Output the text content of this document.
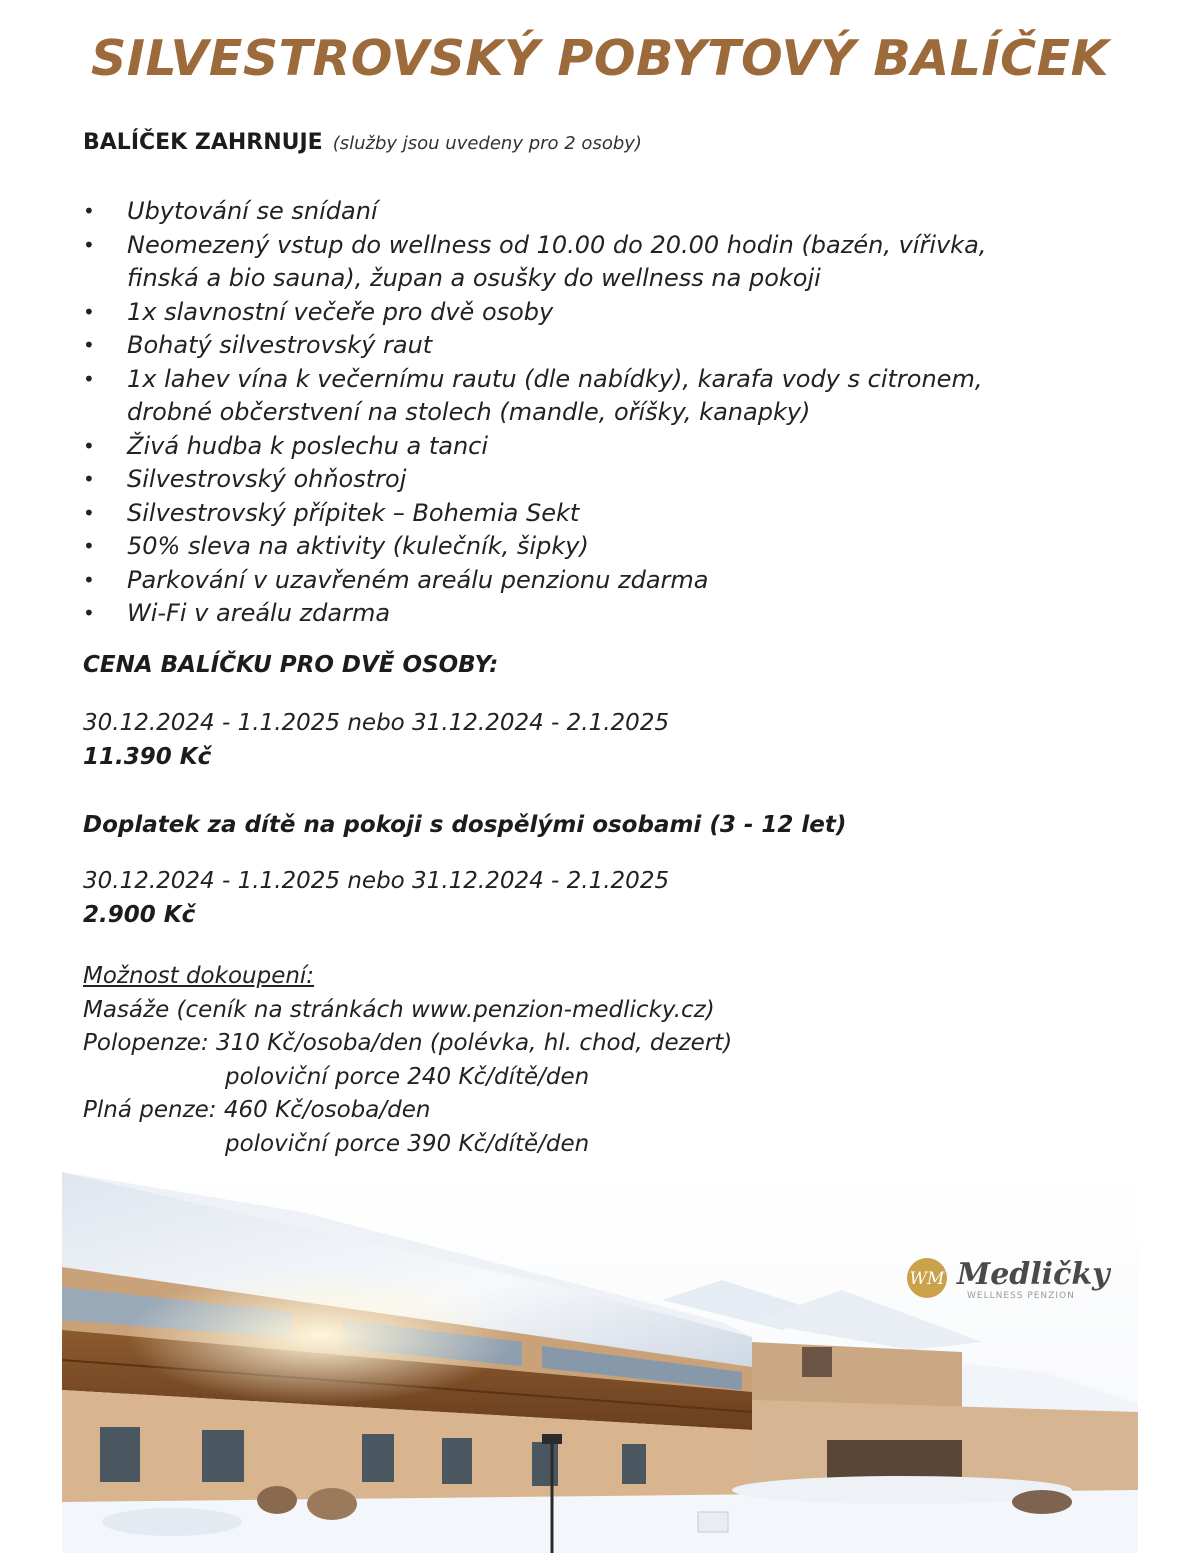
SILVESTROVSKÝ POBYTOVÝ BALÍČEK
BALÍČEK ZAHRNUJE (služby jsou uvedeny pro 2 osoby)
• Ubytování se snídaní
• Neomezený vstup do wellness od 10.00 do 20.00 hodin (bazén, vířivka, finská a bio sauna), župan a osušky do wellness na pokoji
• 1x slavnostní večeře pro dvě osoby
• Bohatý silvestrovský raut
• 1x lahev vína k večernímu rautu (dle nabídky), karafa vody s citronem, drobné občerstvení na stolech (mandle, oříšky, kanapky)
• Živá hudba k poslechu a tanci
• Silvestrovský ohňostroj
• Silvestrovský přípitek – Bohemia Sekt
• 50% sleva na aktivity (kulečník, šipky)
• Parkování v uzavřeném areálu penzionu zdarma
• Wi-Fi v areálu zdarma
CENA BALÍČKU PRO DVĚ OSOBY:
30.12.2024 - 1.1.2025 nebo 31.12.2024 - 2.1.2025
11.390 Kč
Doplatek za dítě na pokoji s dospělými osobami (3 - 12 let)
30.12.2024 - 1.1.2025 nebo 31.12.2024 - 2.1.2025
2.900 Kč
Možnost dokoupení:
Masáže (ceník na stránkách www.penzion-medlicky.cz)
Polopenze: 310 Kč/osoba/den (polévka, hl. chod, dezert)
poloviční porce 240 Kč/dítě/den
Plná penze: 460 Kč/osoba/den
poloviční porce 390 Kč/dítě/den
WM Medličky
WELLNESS PENZION
